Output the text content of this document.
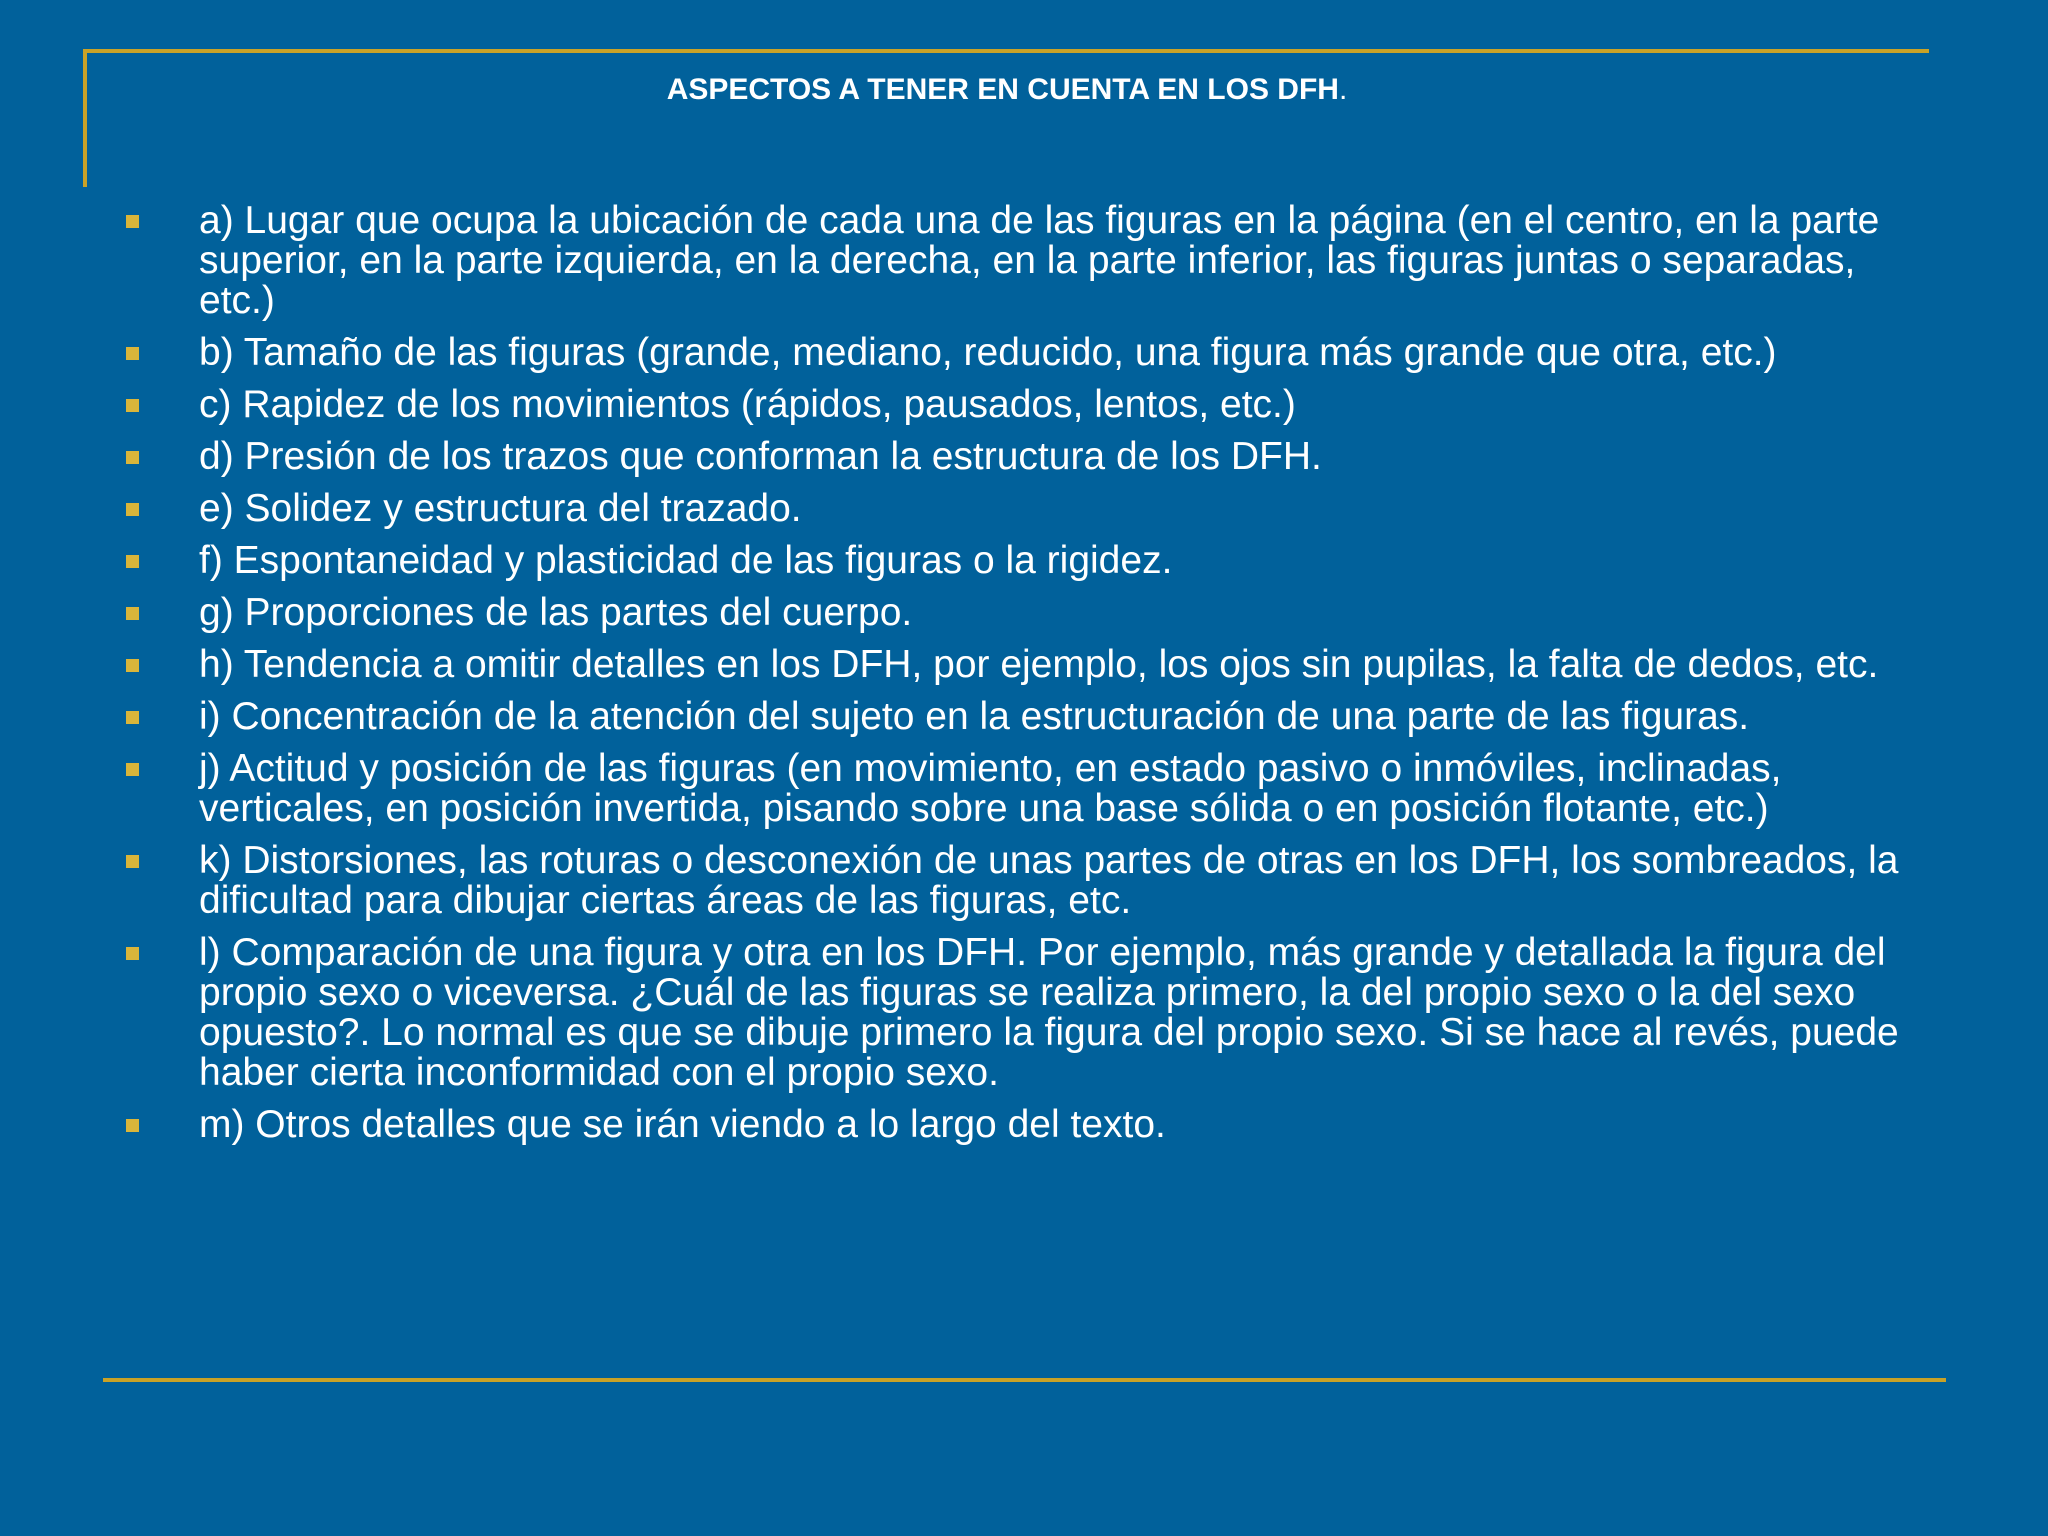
ASPECTOS A TENER EN CUENTA EN LOS DFH.
a) Lugar que ocupa la ubicación de cada una de las figuras en la página (en el centro, en la parte superior, en la parte izquierda, en la derecha, en la parte inferior, las figuras juntas o separadas, etc.)
b) Tamaño de las figuras (grande, mediano, reducido, una figura más grande que otra, etc.)
c) Rapidez de los movimientos (rápidos, pausados, lentos, etc.)
d) Presión de los trazos que conforman la estructura de los DFH.
e) Solidez y estructura del trazado.
f) Espontaneidad y plasticidad de las figuras o la rigidez.
g) Proporciones de las partes del cuerpo.
h) Tendencia a omitir detalles en los DFH, por ejemplo, los ojos sin pupilas, la falta de dedos, etc.
i) Concentración de la atención del sujeto en la estructuración de una parte de las figuras.
j) Actitud y posición de las figuras (en movimiento, en estado pasivo o inmóviles, inclinadas, verticales, en posición invertida, pisando sobre una base sólida o en posición flotante, etc.)
k) Distorsiones, las roturas o desconexión de unas partes de otras en los DFH, los sombreados, la dificultad para dibujar ciertas áreas de las figuras, etc.
l) Comparación de una figura y otra en los DFH. Por ejemplo, más grande y detallada la figura del propio sexo o viceversa. ¿Cuál de las figuras se realiza primero, la del propio sexo o la del sexo opuesto?. Lo normal es que se dibuje primero la figura del propio sexo. Si se hace al revés, puede haber cierta inconformidad con el propio sexo.
m) Otros detalles que se irán viendo a lo largo del texto.
